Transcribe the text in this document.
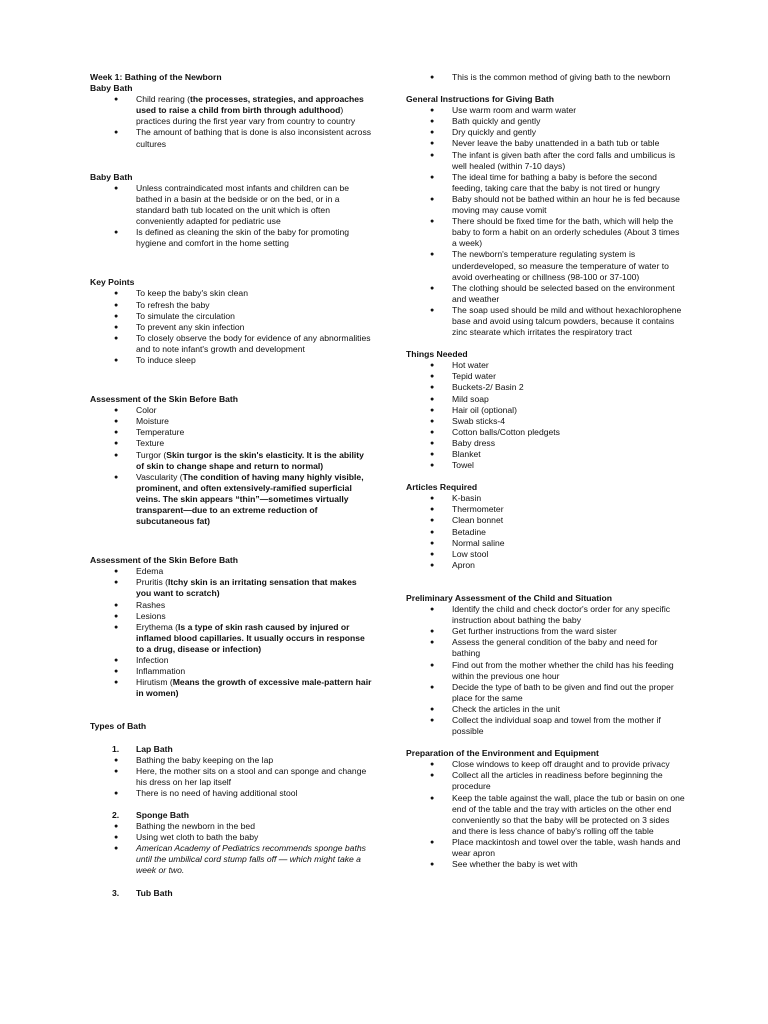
Week 1: Bathing of the Newborn
Baby Bath
● Child rearing (the processes, strategies, and approaches used to raise a child from birth through adulthood) practices during the first year vary from country to country
● The amount of bathing that is done is also inconsistent across cultures
Baby Bath
● Unless contraindicated most infants and children can be bathed in a basin at the bedside or on the bed, or in a standard bath tub located on the unit which is often conveniently adapted for pediatric use
● Is defined as cleaning the skin of the baby for promoting hygiene and comfort in the home setting
Key Points
● To keep the baby's skin clean
● To refresh the baby
● To simulate the circulation
● To prevent any skin infection
● To closely observe the body for evidence of any abnormalities and to note infant's growth and development
● To induce sleep
Assessment of the Skin Before Bath
● Color
● Moisture
● Temperature
● Texture
● Turgor (Skin turgor is the skin's elasticity. It is the ability of skin to change shape and return to normal)
● Vascularity (The condition of having many highly visible, prominent, and often extensively-ramified superficial veins. The skin appears “thin”—sometimes virtually transparent—due to an extreme reduction of subcutaneous fat)
Assessment of the Skin Before Bath
● Edema
● Pruritis (Itchy skin is an irritating sensation that makes you want to scratch)
● Rashes
● Lesions
● Erythema (Is a type of skin rash caused by injured or inflamed blood capillaries. It usually occurs in response to a drug, disease or infection)
● Infection
● Inflammation
● Hirutism (Means the growth of excessive male-pattern hair in women)
Types of Bath
1. Lap Bath
● Bathing the baby keeping on the lap
● Here, the mother sits on a stool and can sponge and change his dress on her lap itself
● There is no need of having additional stool
2. Sponge Bath
● Bathing the newborn in the bed
● Using wet cloth to bath the baby
● American Academy of Pediatrics recommends sponge baths until the umbilical cord stump falls off — which might take a week or two.
3. Tub Bath
● This is the common method of giving bath to the newborn
General Instructions for Giving Bath
● Use warm room and warm water
● Bath quickly and gently
● Dry quickly and gently
● Never leave the baby unattended in a bath tub or table
● The infant is given bath after the cord falls and umbilicus is well healed (within 7-10 days)
● The ideal time for bathing a baby is before the second feeding, taking care that the baby is not tired or hungry
● Baby should not be bathed within an hour he is fed because moving may cause vomit
● There should be fixed time for the bath, which will help the baby to form a habit on an orderly schedules (About 3 times a week)
● The newborn's temperature regulating system is underdeveloped, so measure the temperature of water to avoid overheating or chillness (98-100 or 37-100)
● The clothing should be selected based on the environment and weather
● The soap used should be mild and without hexachlorophene base and avoid using talcum powders, because it contains zinc stearate which irritates the respiratory tract
Things Needed
● Hot water
● Tepid water
● Buckets-2/ Basin 2
● Mild soap
● Hair oil (optional)
● Swab sticks-4
● Cotton balls/Cotton pledgets
● Baby dress
● Blanket
● Towel
Articles Required
● K-basin
● Thermometer
● Clean bonnet
● Betadine
● Normal saline
● Low stool
● Apron
Preliminary Assessment of the Child and Situation
● Identify the child and check doctor's order for any specific instruction about bathing the baby
● Get further instructions from the ward sister
● Assess the general condition of the baby and need for bathing
● Find out from the mother whether the child has his feeding within the previous one hour
● Decide the type of bath to be given and find out the proper place for the same
● Check the articles in the unit
● Collect the individual soap and towel from the mother if possible
Preparation of the Environment and Equipment
● Close windows to keep off draught and to provide privacy
● Collect all the articles in readiness before beginning the procedure
● Keep the table against the wall, place the tub or basin on one end of the table and the tray with articles on the other end conveniently so that the baby will be protected on 3 sides and there is less chance of baby's rolling off the table
● Place mackintosh and towel over the table, wash hands and wear apron
● See whether the baby is wet with
